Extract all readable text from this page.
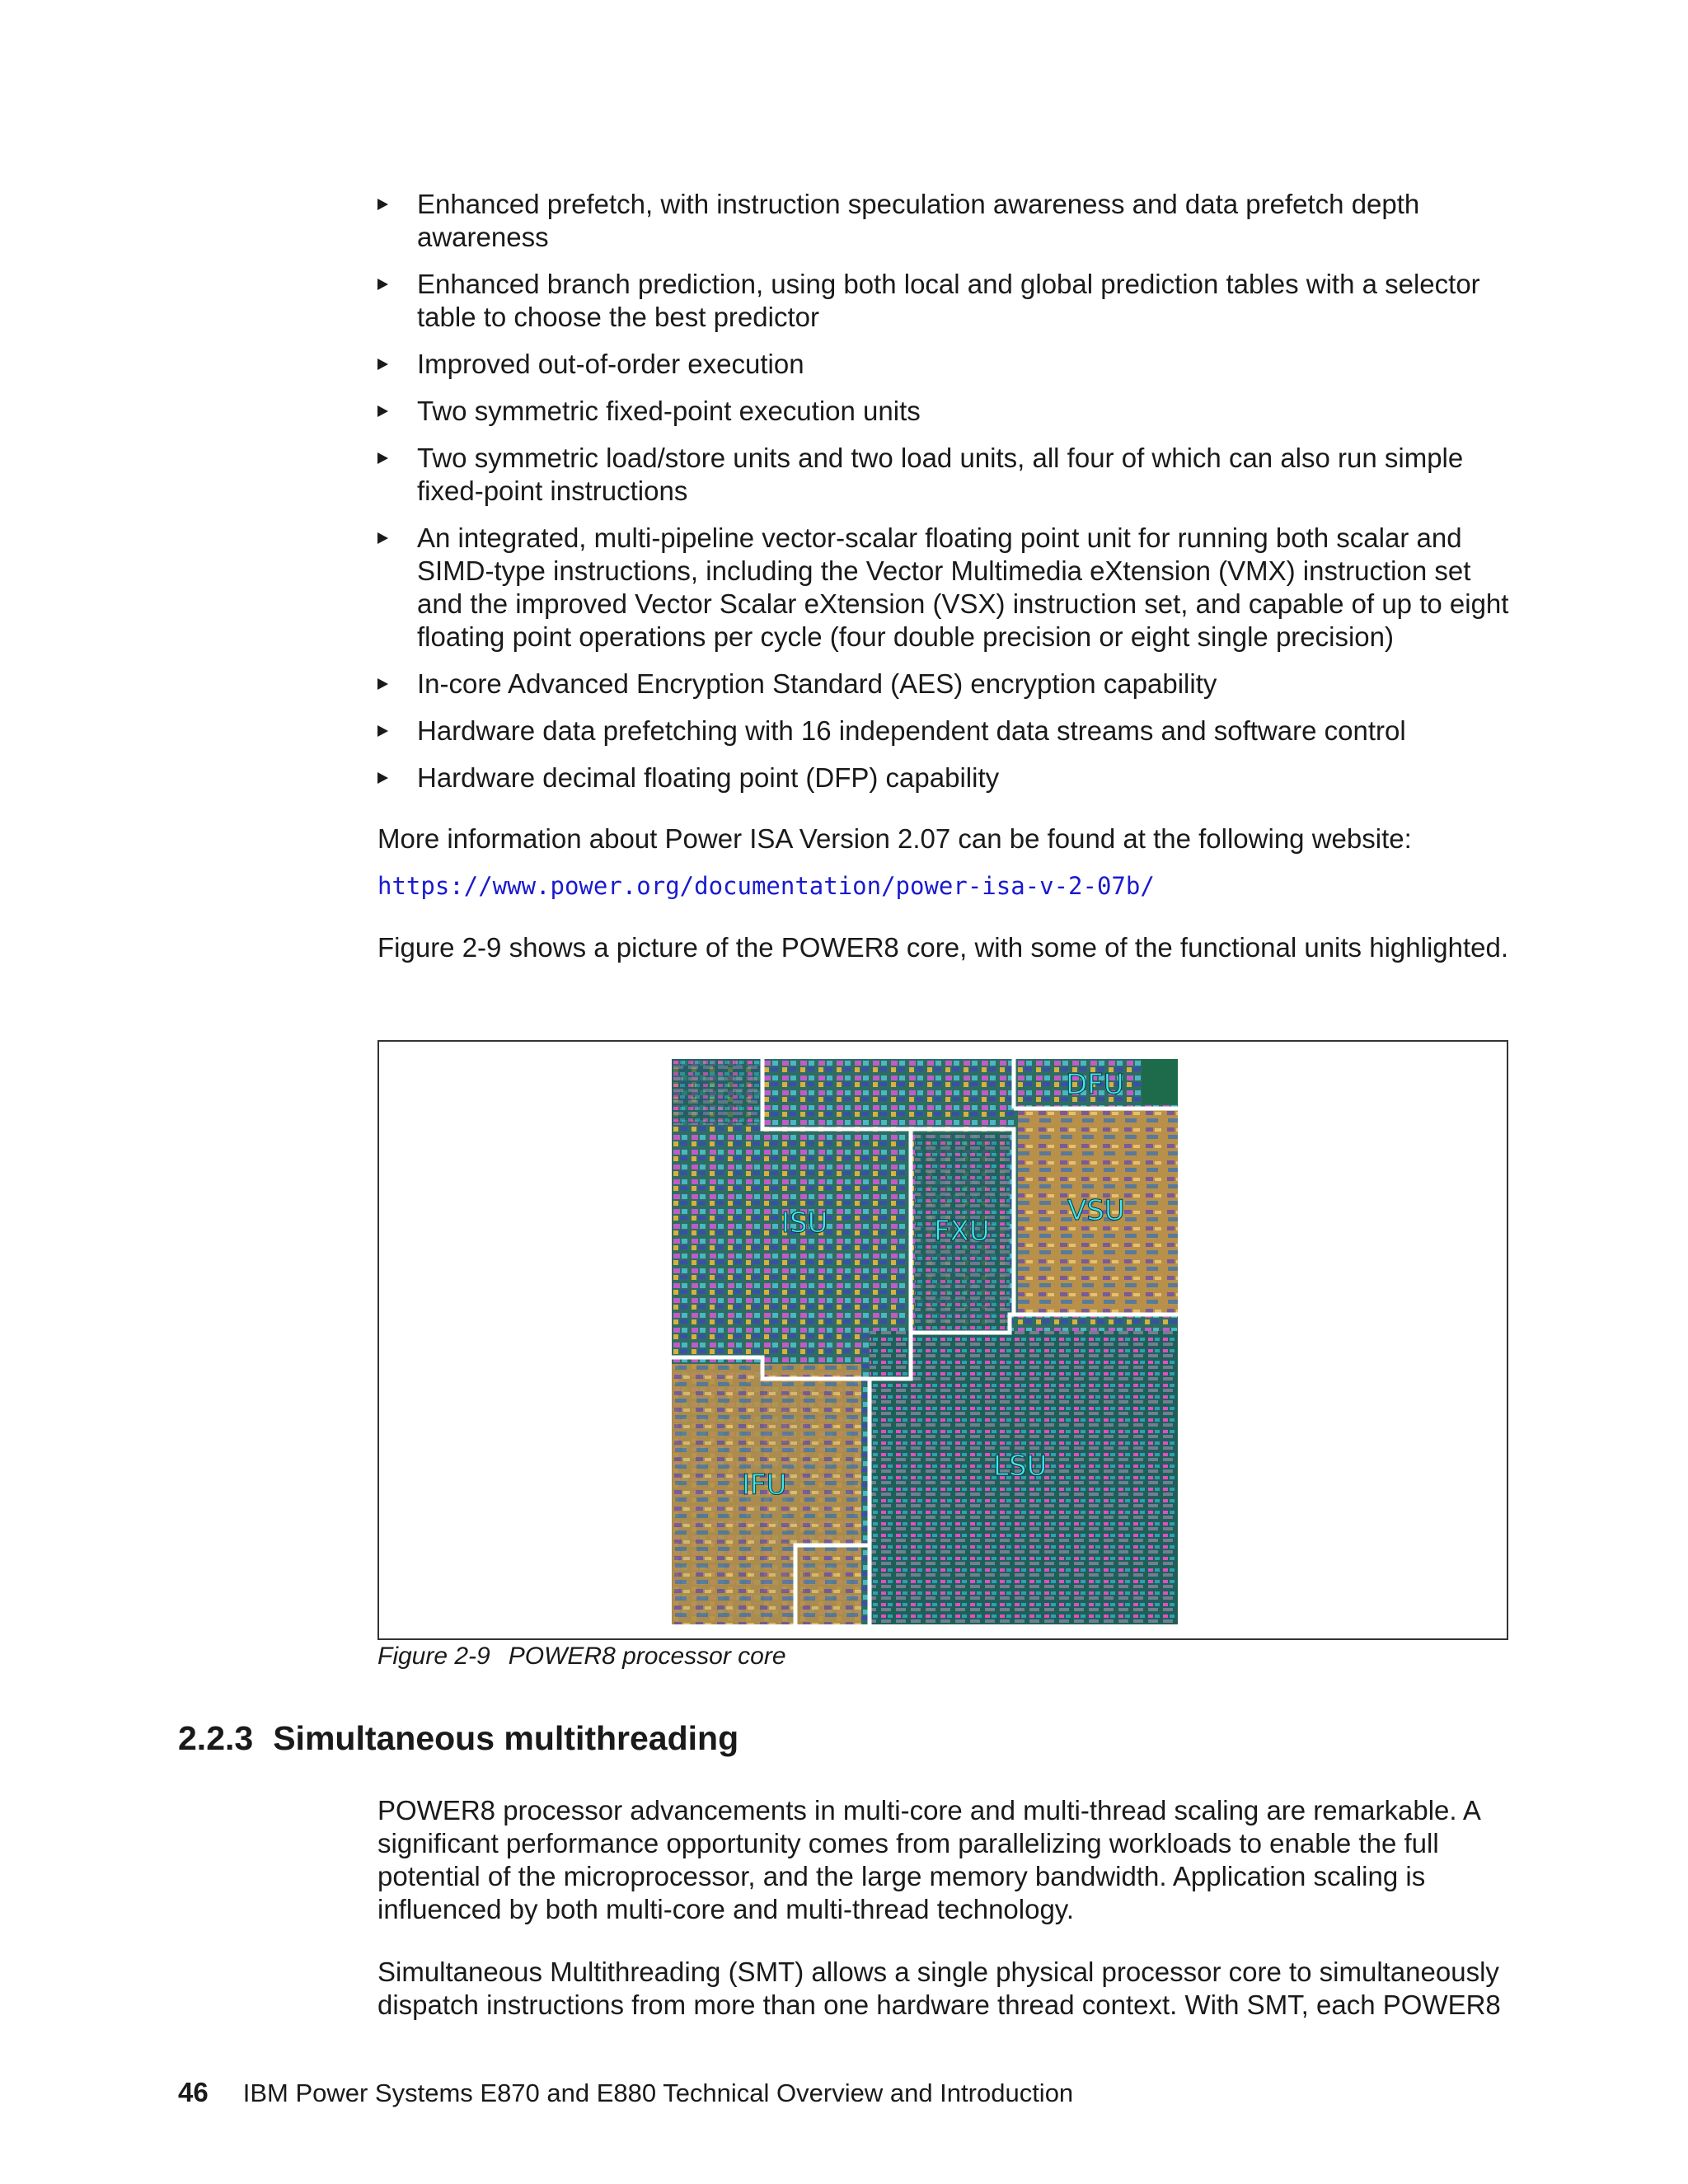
Enhanced prefetch, with instruction speculation awareness and data prefetch depth awareness
Enhanced branch prediction, using both local and global prediction tables with a selector table to choose the best predictor
Improved out-of-order execution
Two symmetric fixed-point execution units
Two symmetric load/store units and two load units, all four of which can also run simple fixed-point instructions
An integrated, multi-pipeline vector-scalar floating point unit for running both scalar and SIMD-type instructions, including the Vector Multimedia eXtension (VMX) instruction set and the improved Vector Scalar eXtension (VSX) instruction set, and capable of up to eight floating point operations per cycle (four double precision or eight single precision)
In-core Advanced Encryption Standard (AES) encryption capability
Hardware data prefetching with 16 independent data streams and software control
Hardware decimal floating point (DFP) capability

More information about Power ISA Version 2.07 can be found at the following website:

https://www.power.org/documentation/power-isa-v-2-07b/

Figure 2-9 shows a picture of the POWER8 core, with some of the functional units highlighted.

DFU
ISU	FXU
VSU
IFU
LSU
Figure 2-9 POWER8 processor core
2.2.3 Simultaneous multithreading

POWER8 processor advancements in multi-core and multi-thread scaling are remarkable. A significant performance opportunity comes from parallelizing workloads to enable the full potential of the microprocessor, and the large memory bandwidth. Application scaling is influenced by both multi-core and multi-thread technology.

Simultaneous Multithreading (SMT) allows a single physical processor core to simultaneously dispatch instructions from more than one hardware thread context. With SMT, each POWER8

46 IBM Power Systems E870 and E880 Technical Overview and Introduction
